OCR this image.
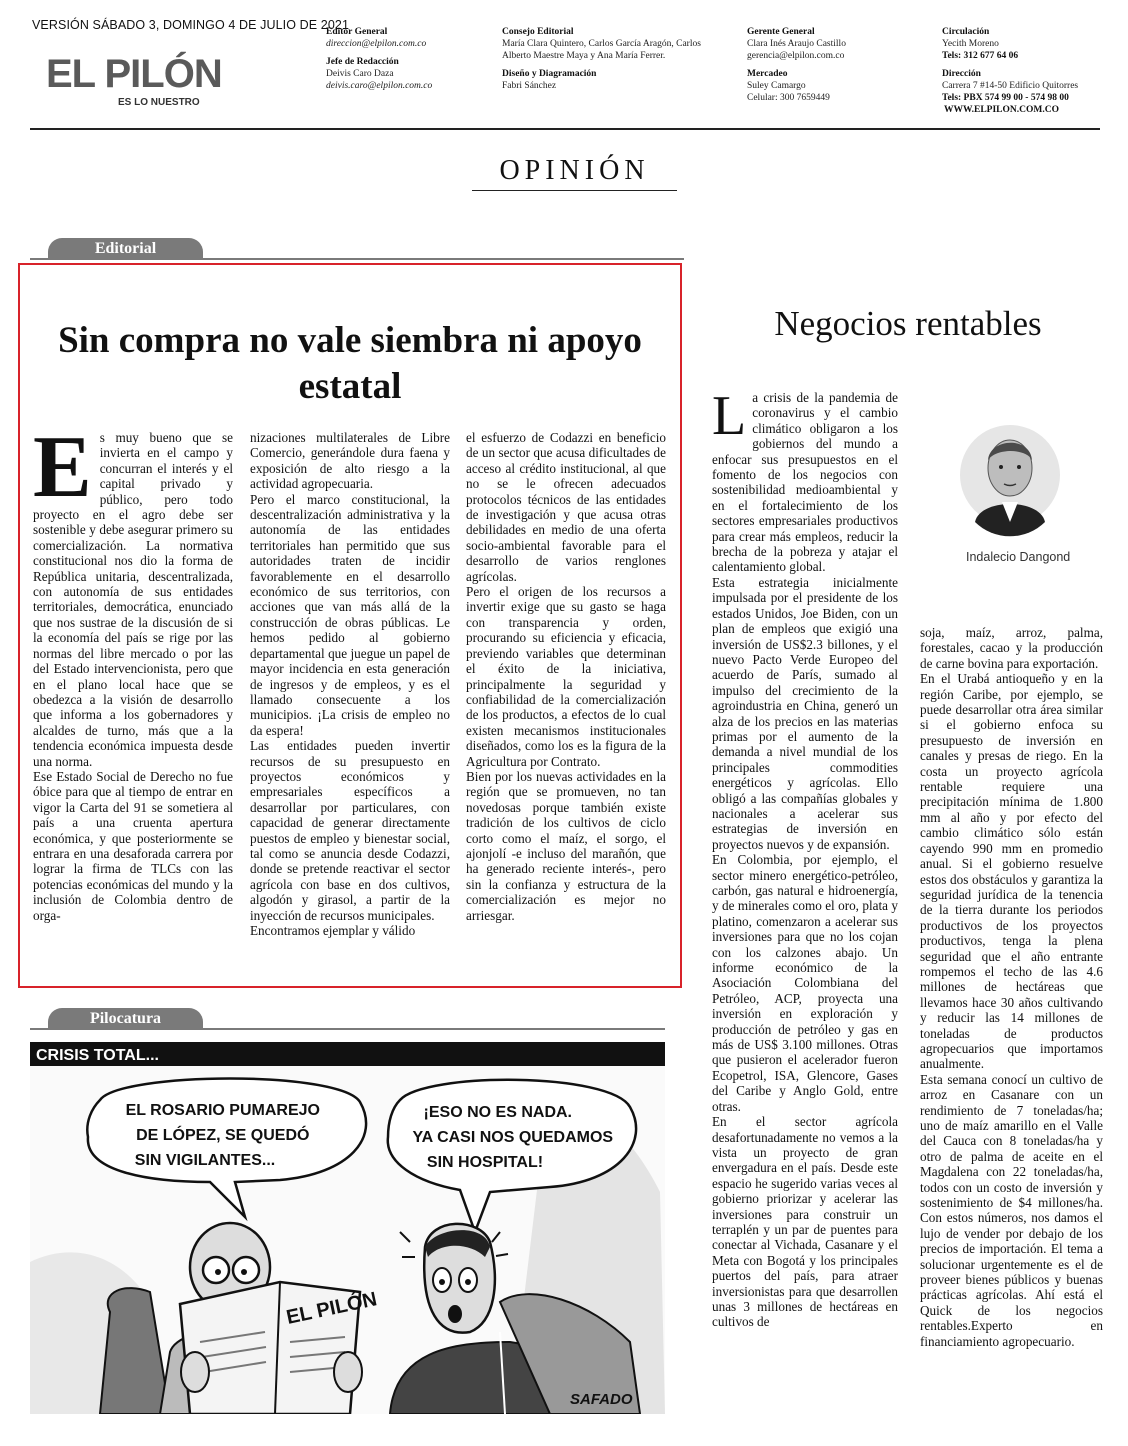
VERSIÓN SÁBADO 3, DOMINGO 4 DE JULIO DE 2021
EL PILÓN
ES LO NUESTRO
Editor General
direccion@elpilon.com.co
Jefe de Redacción
Deivis Caro Daza
deivis.caro@elpilon.com.co
Consejo Editorial
María Clara Quintero, Carlos García Aragón, Carlos Alberto Maestre Maya y Ana María Ferrer.
Diseño y Diagramación
Fabri Sánchez
Gerente General
Clara Inés Araujo Castillo
gerencia@elpilon.com.co
Mercadeo
Suley Camargo
Celular: 300 7659449
Circulación
Yecith Moreno
Tels: 312 677 64 06
Dirección
Carrera 7 #14-50 Edificio Quitorres
Tels: PBX 574 99 00 - 574 98 00
WWW.ELPILON.COM.CO
OPINIÓN
Editorial
Sin compra no vale siembra ni apoyo estatal
E s muy bueno que se invierta en el campo y concurran el interés y el capital privado y público, pero todo proyecto en el agro debe ser sostenible y debe asegurar primero su comercialización. La normativa constitucional nos dio la forma de República unitaria, descentralizada, con autonomía de sus entidades territoriales, democrática, enunciado que nos sustrae de la discusión de si la economía del país se rige por las normas del libre mercado o por las del Estado intervencionista, pero que en el plano local hace que se obedezca a la visión de desarrollo que informa a los gobernadores y alcaldes de turno, más que a la tendencia económica impuesta desde una norma.

Ese Estado Social de Derecho no fue óbice para que al tiempo de entrar en vigor la Carta del 91 se sometiera al país a una cruenta apertura económica, y que posteriormente se entrara en una desaforada carrera por lograr la firma de TLCs con las potencias económicas del mundo y la inclusión de Colombia dentro de orga-

nizaciones multilaterales de Libre Comercio, generándole dura faena y exposición de alto riesgo a la actividad agropecuaria.

Pero el marco constitucional, la descentralización administrativa y la autonomía de las entidades territoriales han permitido que sus autoridades traten de incidir favorablemente en el desarrollo económico de sus territorios, con acciones que van más allá de la construcción de obras públicas. Le hemos pedido al gobierno departamental que juegue un papel de mayor incidencia en esta generación de ingresos y de empleos, y es el llamado consecuente a los municipios. ¡La crisis de empleo no da espera!

Las entidades pueden invertir recursos de su presupuesto en proyectos económicos y empresariales específicos a desarrollar por particulares, con capacidad de generar directamente puestos de empleo y bienestar social, tal como se anuncia desde Codazzi, donde se pretende reactivar el sector agrícola con base en dos cultivos, algodón y girasol, a partir de la inyección de recursos municipales.

Encontramos ejemplar y válido

el esfuerzo de Codazzi en beneficio de un sector que acusa dificultades de acceso al crédito institucional, al que no se le ofrecen adecuados protocolos técnicos de las entidades de investigación y que acusa otras debilidades en medio de una oferta socio-ambiental favorable para el desarrollo de varios renglones agrícolas.

Pero el origen de los recursos a invertir exige que su gasto se haga con transparencia y orden, procurando su eficiencia y eficacia, previendo variables que determinan el éxito de la iniciativa, principalmente la seguridad y confiabilidad de la comercialización de los productos, a efectos de lo cual existen mecanismos institucionales diseñados, como los es la figura de la Agricultura por Contrato.

Bien por los nuevas actividades en la región que se promueven, no tan novedosas porque también existe tradición de los cultivos de ciclo corto como el maíz, el sorgo, el ajonjolí -e incluso del marañón, que ha generado reciente interés-, pero sin la confianza y estructura de la comercialización es mejor no arriesgar.

Pilocatura
CRISIS TOTAL...
EL ROSARIO PUMAREJO DE LÓPEZ, SE QUEDÓ SIN VIGILANTES...
¡ESO NO ES NADA. YA CASI NOS QUEDAMOS SIN HOSPITAL!
EL PILÓN
SAFADO
Negocios rentables
Indalecio Dangond
L a crisis de la pandemia de coronavirus y el cambio climático obligaron a los gobiernos del mundo a enfocar sus presupuestos en el fomento de los negocios con sostenibilidad medioambiental y en el fortalecimiento de los sectores empresariales productivos para crear más empleos, reducir la brecha de la pobreza y atajar el calentamiento global.

Esta estrategia inicialmente impulsada por el presidente de los estados Unidos, Joe Biden, con un plan de empleos que exigió una inversión de US$2.3 billones, y el nuevo Pacto Verde Europeo del acuerdo de París, sumado al impulso del crecimiento de la agroindustria en China, generó un alza de los precios en las materias primas por el aumento de la demanda a nivel mundial de los principales commodities energéticos y agrícolas. Ello obligó a las compañías globales y nacionales a acelerar sus estrategias de inversión en proyectos nuevos y de expansión.

En Colombia, por ejemplo, el sector minero energético-petróleo, carbón, gas natural e hidroenergía, y de minerales como el oro, plata y platino, comenzaron a acelerar sus inversiones para que no los cojan con los calzones abajo. Un informe económico de la Asociación Colombiana del Petróleo, ACP, proyecta una inversión en exploración y producción de petróleo y gas en más de US$ 3.100 millones. Otras que pusieron el acelerador fueron Ecopetrol, ISA, Glencore, Gases del Caribe y Anglo Gold, entre otras.

En el sector agrícola desafortunadamente no vemos a la vista un proyecto de gran envergadura en el país. Desde este espacio he sugerido varias veces al gobierno priorizar y acelerar las inversiones para construir un terraplén y un par de puentes para conectar al Vichada, Casanare y el Meta con Bogotá y los principales puertos del país, para atraer inversionistas para que desarrollen unas 3 millones de hectáreas en cultivos de

soja, maíz, arroz, palma, forestales, cacao y la producción de carne bovina para exportación.

En el Urabá antioqueño y en la región Caribe, por ejemplo, se puede desarrollar otra área similar si el gobierno enfoca su presupuesto de inversión en canales y presas de riego. En la costa un proyecto agrícola rentable requiere una precipitación mínima de 1.800 mm al año y por efecto del cambio climático sólo están cayendo 990 mm en promedio anual. Si el gobierno resuelve estos dos obstáculos y garantiza la seguridad jurídica de la tenencia de la tierra durante los periodos productivos de los proyectos productivos, tenga la plena seguridad que el año entrante rompemos el techo de las 4.6 millones de hectáreas que llevamos hace 30 años cultivando y reducir las 14 millones de toneladas de productos agropecuarios que importamos anualmente.

Esta semana conocí un cultivo de arroz en Casanare con un rendimiento de 7 toneladas/ha; uno de maíz amarillo en el Valle del Cauca con 8 toneladas/ha y otro de palma de aceite en el Magdalena con 22 toneladas/ha, todos con un costo de inversión y sostenimiento de $4 millones/ha. Con estos números, nos damos el lujo de vender por debajo de los precios de importación. El tema a solucionar urgentemente es el de proveer bienes públicos y buenas prácticas agrícolas. Ahí está el Quick de los negocios rentables.Experto en financiamiento agropecuario.
